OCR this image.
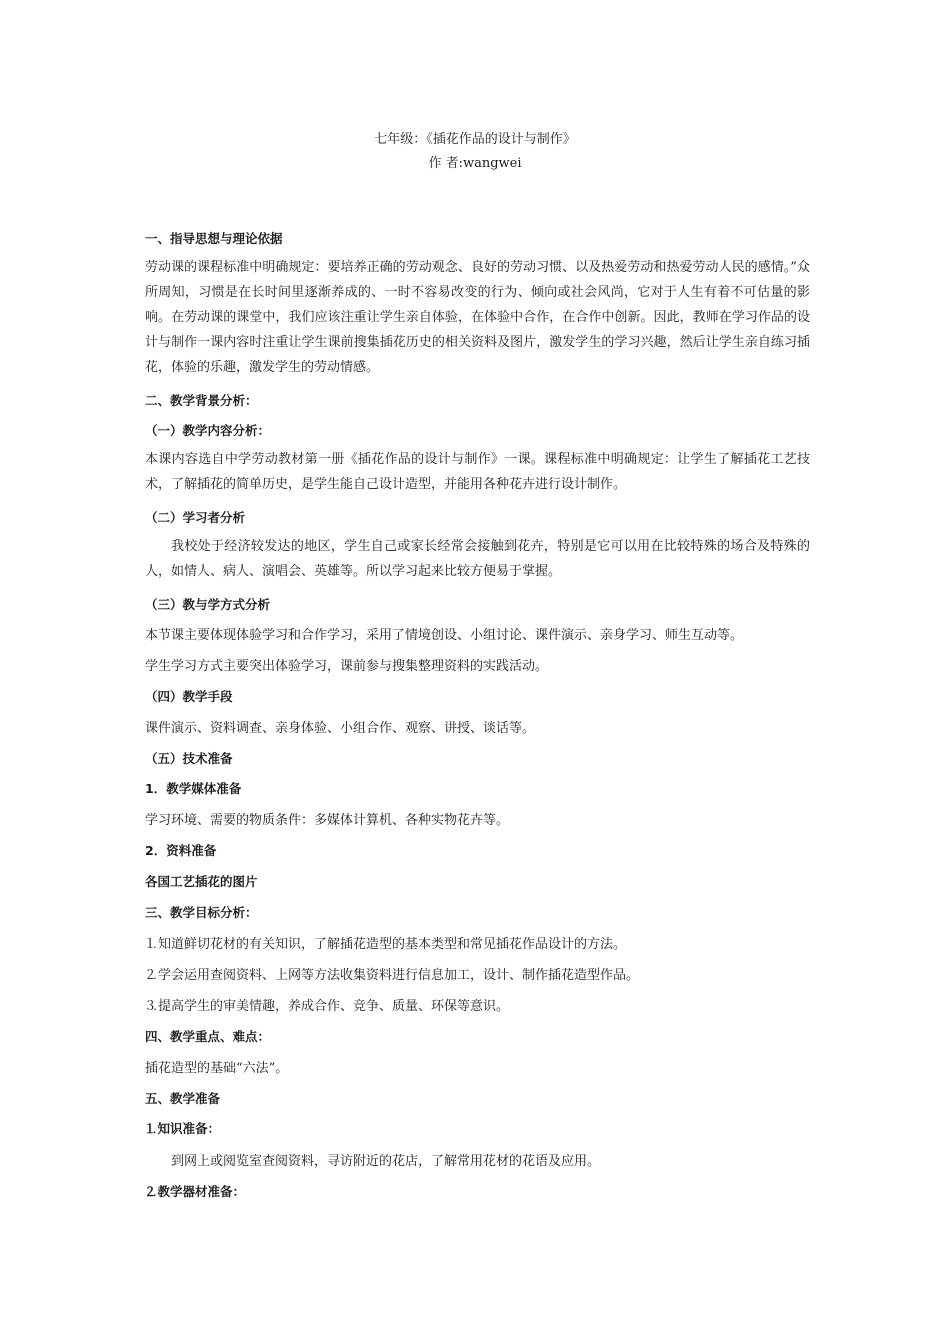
七年级：《插花作品的设计与制作》
作 者:wangwei
一、指导思想与理论依据
劳动课的课程标准中明确规定：要培养正确的劳动观念、良好的劳动习惯、以及热爱劳动和热爱劳动人民的感情。”众所周知，习惯是在长时间里逐渐养成的、一时不容易改变的行为、倾向或社会风尚，它对于人生有着不可估量的影响。在劳动课的课堂中，我们应该注重让学生亲自体验，在体验中合作，在合作中创新。因此，教师在学习作品的设计与制作一课内容时注重让学生课前搜集插花历史的相关资料及图片，激发学生的学习兴趣，然后让学生亲自练习插花，体验的乐趣，激发学生的劳动情感。
二、教学背景分析：
（一）教学内容分析：
本课内容选自中学劳动教材第一册《插花作品的设计与制作》一课。课程标准中明确规定：让学生了解插花工艺技术，了解插花的简单历史，是学生能自己设计造型，并能用各种花卉进行设计制作。
（二）学习者分析
我校处于经济较发达的地区，学生自己或家长经常会接触到花卉，特别是它可以用在比较特殊的场合及特殊的人，如情人、病人、演唱会、英雄等。所以学习起来比较方便易于掌握。
（三）教与学方式分析
本节课主要体现体验学习和合作学习，采用了情境创设、小组讨论、课件演示、亲身学习、师生互动等。
学生学习方式主要突出体验学习，课前参与搜集整理资料的实践活动。
（四）教学手段
课件演示、资料调查、亲身体验、小组合作、观察、讲授、谈话等。
（五）技术准备
1．教学媒体准备
学习环境、需要的物质条件：多媒体计算机、各种实物花卉等。
2．资料准备
各国工艺插花的图片
三、教学目标分析：
⒈知道鲜切花材的有关知识，了解插花造型的基本类型和常见插花作品设计的方法。
⒉学会运用查阅资料、上网等方法收集资料进行信息加工，设计、制作插花造型作品。
⒊提高学生的审美情趣，养成合作、竞争、质量、环保等意识。
四、教学重点、难点：
插花造型的基础“六法”。
五、教学准备
⒈知识准备：
到网上或阅览室查阅资料，寻访附近的花店，了解常用花材的花语及应用。
⒉教学器材准备：
